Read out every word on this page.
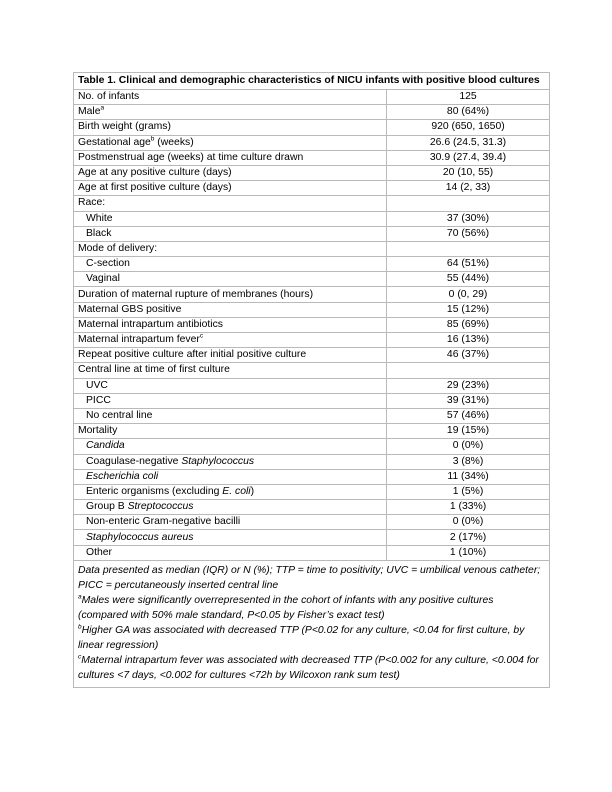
Table 1. Clinical and demographic characteristics of NICU infants with positive blood cultures	
No. of infants	125
Male$^a$	80 (64%)
Birth weight (grams)	920 (650, 1650)
Gestational age$^b$ (weeks)	26.6 (24.5, 31.3)
Postmenstrual age (weeks) at time culture drawn	30.9 (27.4, 39.4)
Age at any positive culture (days)	20 (10, 55)
Age at first positive culture (days)	14 (2, 33)
Race:	
White	37 (30%)
Black	70 (56%)
Mode of delivery:	
C-section	64 (51%)
Vaginal	55 (44%)
Duration of maternal rupture of membranes (hours)	0 (0, 29)
Maternal GBS positive	15 (12%)
Maternal intrapartum antibiotics	85 (69%)
Maternal intrapartum fever$^c$	16 (13%)
Repeat positive culture after initial positive culture	46 (37%)
Central line at time of first culture	
UVC	29 (23%)
PICC	39 (31%)
No central line	57 (46%)
Mortality	19 (15%)
Candida	0 (0%)
Coagulase-negative Staphylococcus	3 (8%)
Escherichia coli	11 (34%)
Enteric organisms (excluding E. coli)	1 (5%)
Group B Streptococcus	1 (33%)
Non-enteric Gram-negative bacilli	0 (0%)
Staphylococcus aureus	2 (17%)
Other	1 (10%)

Data presented as median (IQR) or N (%); TTP = time to positivity; UVC = umbilical venous catheter; PICC = percutaneously inserted central line

$^a$Males were significantly overrepresented in the cohort of infants with any positive cultures (compared with 50% male standard, P<0.05 by Fisher’s exact test)

$^b$Higher GA was associated with decreased TTP (P<0.02 for any culture, <0.04 for first culture, by linear regression)

$^c$Maternal intrapartum fever was associated with decreased TTP (P<0.002 for any culture, <0.004 for cultures <7 days, <0.002 for cultures <72h by Wilcoxon rank sum test)	
